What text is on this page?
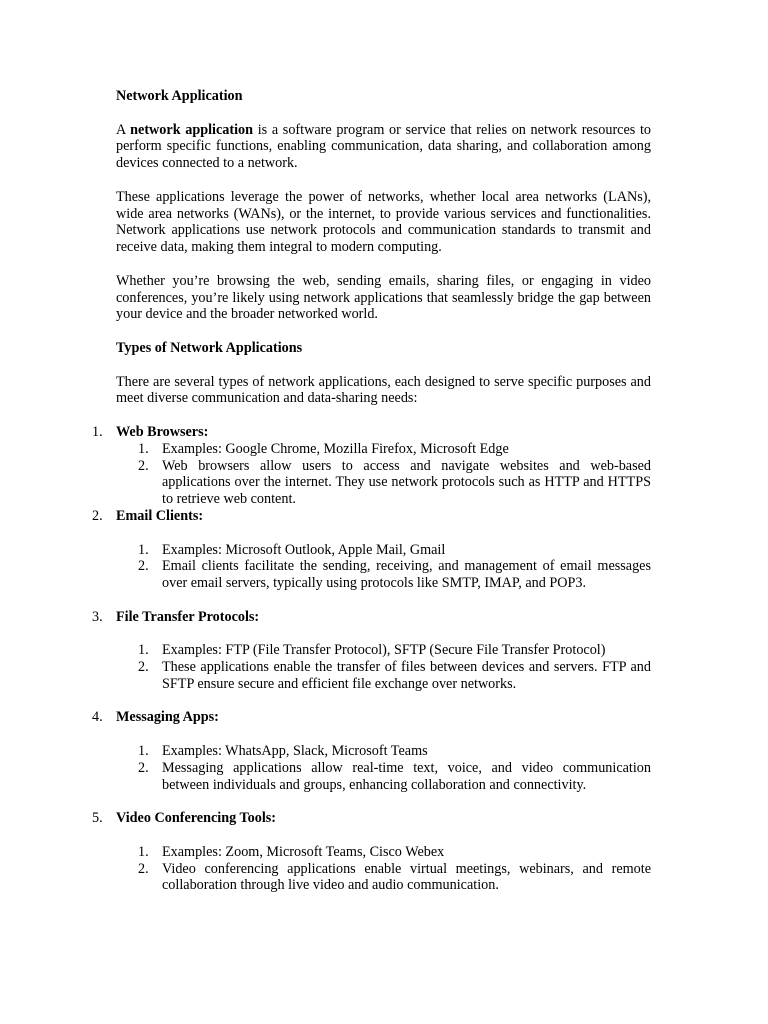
Network Application

A network application is a software program or service that relies on network resources to perform specific functions, enabling communication, data sharing, and collaboration among devices connected to a network.

These applications leverage the power of networks, whether local area networks (LANs), wide area networks (WANs), or the internet, to provide various services and functionalities. Network applications use network protocols and communication standards to transmit and receive data, making them integral to modern computing.

Whether you’re browsing the web, sending emails, sharing files, or engaging in video conferences, you’re likely using network applications that seamlessly bridge the gap between your device and the broader networked world.

Types of Network Applications

There are several types of network applications, each designed to serve specific purposes and meet diverse communication and data-sharing needs:

1. Web Browsers:
1. Examples: Google Chrome, Mozilla Firefox, Microsoft Edge
2. Web browsers allow users to access and navigate websites and web-based applications over the internet. They use network protocols such as HTTP and HTTPS to retrieve web content.
2. Email Clients:
1. Examples: Microsoft Outlook, Apple Mail, Gmail
2. Email clients facilitate the sending, receiving, and management of email messages over email servers, typically using protocols like SMTP, IMAP, and POP3.
3. File Transfer Protocols:
1. Examples: FTP (File Transfer Protocol), SFTP (Secure File Transfer Protocol)
2. These applications enable the transfer of files between devices and servers. FTP and SFTP ensure secure and efficient file exchange over networks.
4. Messaging Apps:
1. Examples: WhatsApp, Slack, Microsoft Teams
2. Messaging applications allow real-time text, voice, and video communication between individuals and groups, enhancing collaboration and connectivity.
5. Video Conferencing Tools:
1. Examples: Zoom, Microsoft Teams, Cisco Webex
2. Video conferencing applications enable virtual meetings, webinars, and remote collaboration through live video and audio communication.
